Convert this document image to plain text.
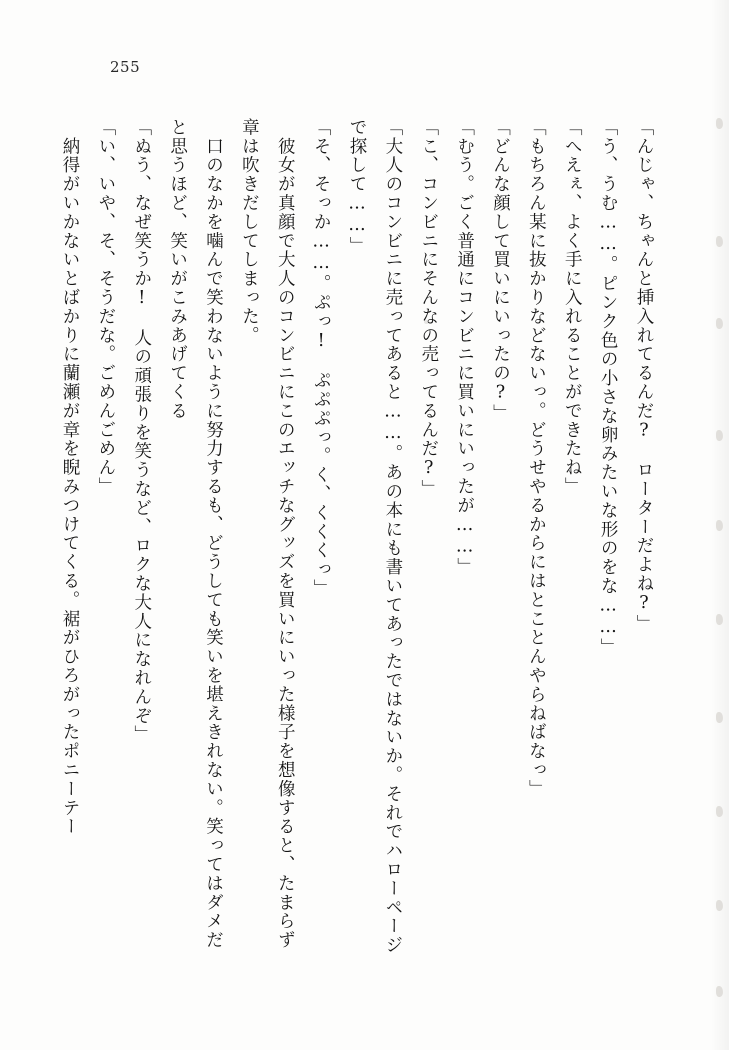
255

「んじゃ、ちゃんと挿入れてるんだ?　ローターだよね?」

「う、うむ……。ピンク色の小さな卵みたいな形のをな……」

「へえぇ、よく手に入れることができたね」

「もちろん某に抜かりなどないっ。どうせやるからにはとことんやらねばなっ」

「どんな顔して買いにいったの?」

「むう。ごく普通にコンビニに買いにいったが……」

「こ、コンビニにそんなの売ってるんだ?」

「大人のコンビニに売ってあると……。あの本にも書いてあったではないか。それでハローページで探して……」

「そ、そっか……。ぷっ!　ぷぷぷっ。く、くくくっ」

　彼女が真顔で大人のコンビニにこのエッチなグッズを買いにいった様子を想像すると、たまらず章は吹きだしてしまった。

　口のなかを噛んで笑わないように努力するも、どうしても笑いを堪えきれない。笑ってはダメだと思うほど、笑いがこみあげてくる

「ぬう、なぜ笑うか!　人の頑張りを笑うなど、ロクな大人になれんぞ」

「い、いや、そ、そうだな。ごめんごめん」

　納得がいかないとばかりに蘭瀬が章を睨みつけてくる。裾がひろがったポニーテー
